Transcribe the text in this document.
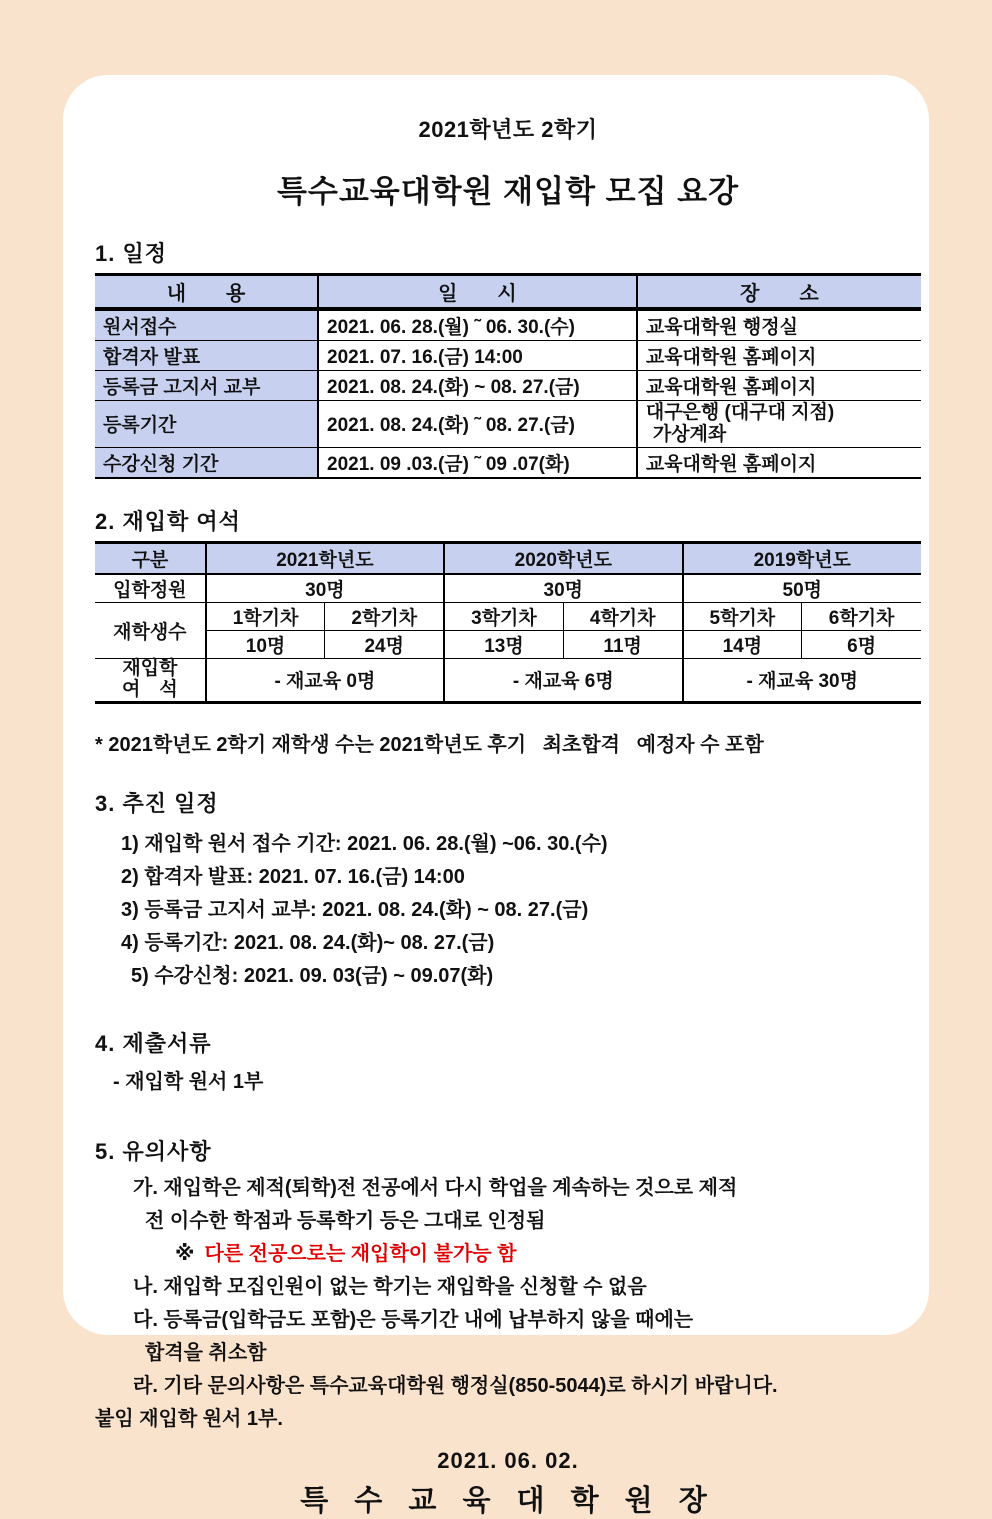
2021학년도 2학기
특수교육대학원 재입학 모집 요강
1. 일정
내　　용	일　　시	장　　소
원서접수	2021. 06. 28.(월) ˜ 06. 30.(수)	교육대학원 행정실
합격자 발표	2021. 07. 16.(금) 14:00	교육대학원 홈페이지
등록금 고지서 교부	2021. 08. 24.(화) ~ 08. 27.(금)	교육대학원 홈페이지
등록기간	2021. 08. 24.(화) ˜ 08. 27.(금)	대구은행 (대구대 지점)
가상계좌

수강신청 기간	2021. 09 .03.(금) ˜ 09 .07(화)	교육대학원 홈페이지
2. 재입학 여석
구분	2021학년도		2020학년도		2019학년도	
입학정원	30명		30명		50명	
재학생수	1학기차	2학기차	3학기차	4학기차	5학기차	6학기차
	10명	24명	13명	11명	14명	6명

재입학
여　석	- 재교육 0명		- 재교육 6명		- 재교육 30명	
* 2021학년도 2학기 재학생 수는 2021학년도 후기   최초합격   예정자 수 포함
3. 추진 일정
1) 재입학 원서 접수 기간: 2021. 06. 28.(월) ~06. 30.(수)
2) 합격자 발표: 2021. 07. 16.(금) 14:00
3) 등록금 고지서 교부: 2021. 08. 24.(화) ~ 08. 27.(금)
4) 등록기간: 2021. 08. 24.(화)~ 08. 27.(금)
5) 수강신청: 2021. 09. 03(금) ~ 09.07(화)
4. 제출서류
- 재입학 원서 1부
5. 유의사항
가. 재입학은 제적(퇴학)전 전공에서 다시 학업을 계속하는 것으로 제적
전 이수한 학점과 등록학기 등은 그대로 인정됨
※ 다른 전공으로는 재입학이 불가능 함
나. 재입학 모집인원이 없는 학기는 재입학을 신청할 수 없음
다. 등록금(입학금도 포함)은 등록기간 내에 납부하지 않을 때에는
합격을 취소함
라. 기타 문의사항은 특수교육대학원 행정실(850-5044)로 하시기 바랍니다.
붙임 재입학 원서 1부.
2021. 06. 02.
특 수 교 육 대 학 원 장
